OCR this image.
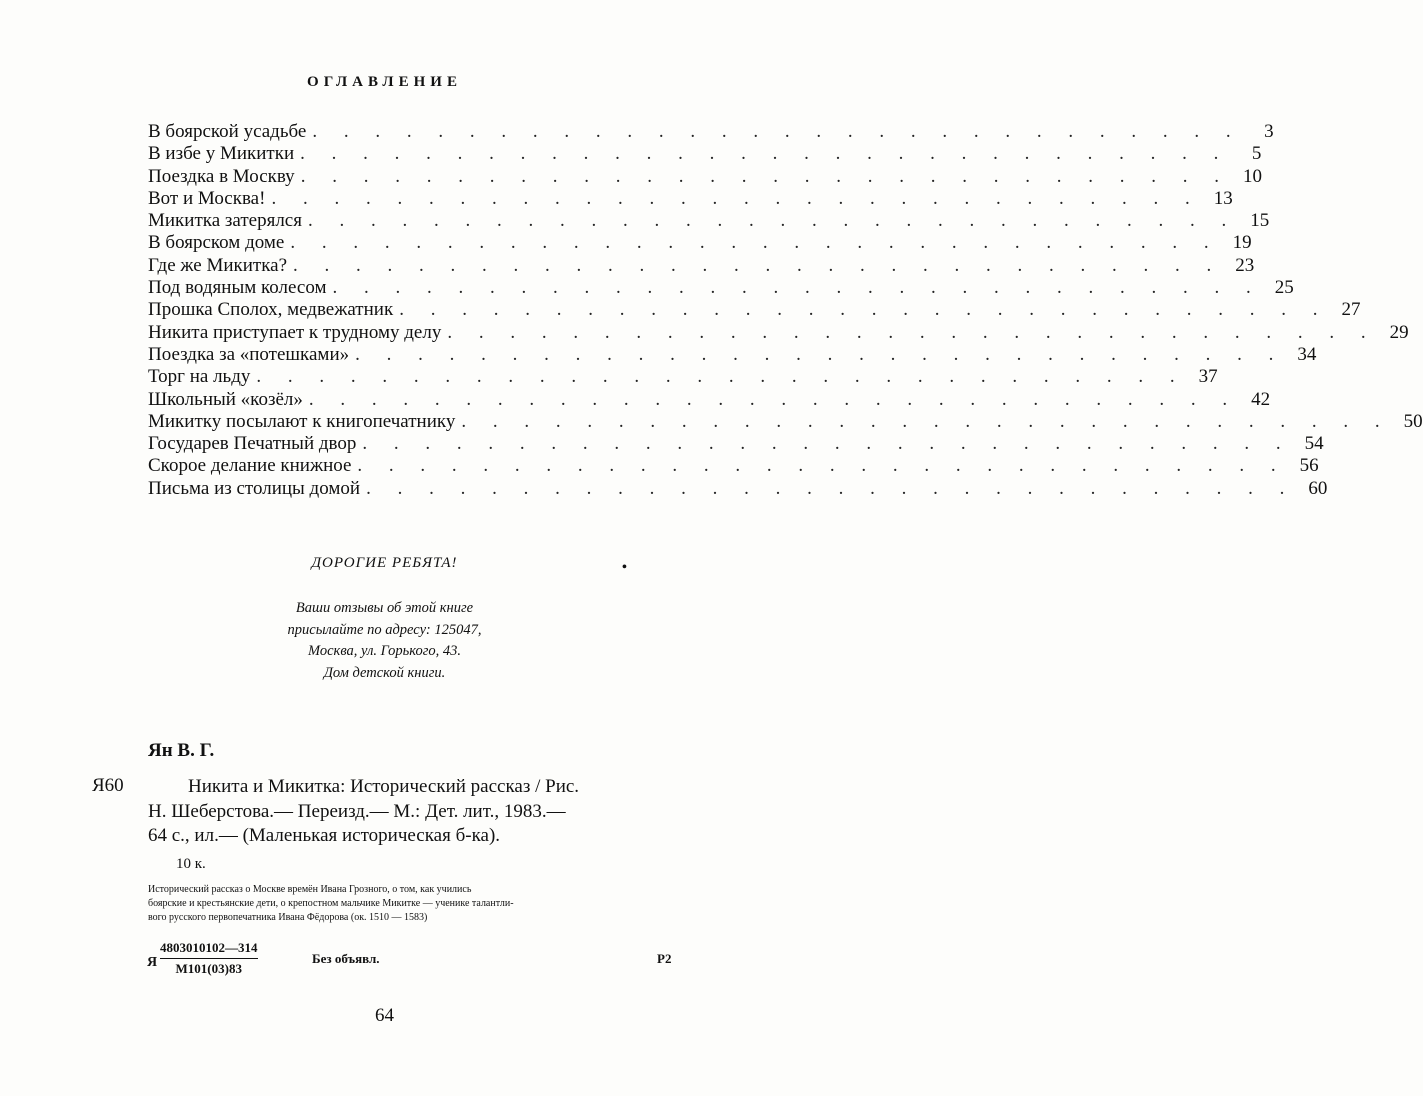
ОГЛАВЛЕНИЕ
В боярской усадьбе . . . . . . . . . . . . . . . . . . . . . . . . . . . . . .	3
В избе у Микитки . . . . . . . . . . . . . . . . . . . . . . . . . . . . . .	5
Поездка в Москву . . . . . . . . . . . . . . . . . . . . . . . . . . . . . . 10
Вот и Москва! . . . . . . . . . . . . . . . . . . . . . . . . . . . . . . 13
Микитка затерялся . . . . . . . . . . . . . . . . . . . . . . . . . . . . . . 15
В боярском доме . . . . . . . . . . . . . . . . . . . . . . . . . . . . . . 19
Где же Микитка? . . . . . . . . . . . . . . . . . . . . . . . . . . . . . . 23
Под водяным колесом . . . . . . . . . . . . . . . . . . . . . . . . . . . . . . 25
Прошка Сполох, медвежатник . . . . . . . . . . . . . . . . . . . . . . . . . . . . . . 27
Никита приступает к трудному делу . . . . . . . . . . . . . . . . . . . . . . . . . . . . . . 29
Поездка за «потешками» . . . . . . . . . . . . . . . . . . . . . . . . . . . . . . 34
Торг на льду . . . . . . . . . . . . . . . . . . . . . . . . . . . . . . 37
Школьный «козёл» . . . . . . . . . . . . . . . . . . . . . . . . . . . . . . 42
Микитку посылают к книгопечатнику . . . . . . . . . . . . . . . . . . . . . . . . . . . . . . 50
Государев Печатный двор . . . . . . . . . . . . . . . . . . . . . . . . . . . . . . 54
Скорое делание книжное . . . . . . . . . . . . . . . . . . . . . . . . . . . . . . 56
Письма из столицы домой . . . . . . . . . . . . . . . . . . . . . . . . . . . . . . 60
ДОРОГИЕ РЕБЯТА!	•
Ваши отзывы об этой книге
присылайте по адресу: 125047,
Москва, ул. Горького, 43.
Дом детской книги.
Ян В. Г.
Я60	Никита и Микитка: Исторический рассказ / Рис.
Н. Шеберстова.— Переизд.— М.: Дет. лит., 1983.—
64 с., ил.— (Маленькая историческая б-ка).
10 к.
Исторический рассказ о Москве времён Ивана Грозного, о том, как учились
боярские и крестьянские дети, о крепостном мальчике Микитке — ученике талантли-
вого русского первопечатника Ивана Фёдорова (ок. 1510 — 1583)
Я
4803010102—314
М101(03)83
Без объявл.	Р2
64
